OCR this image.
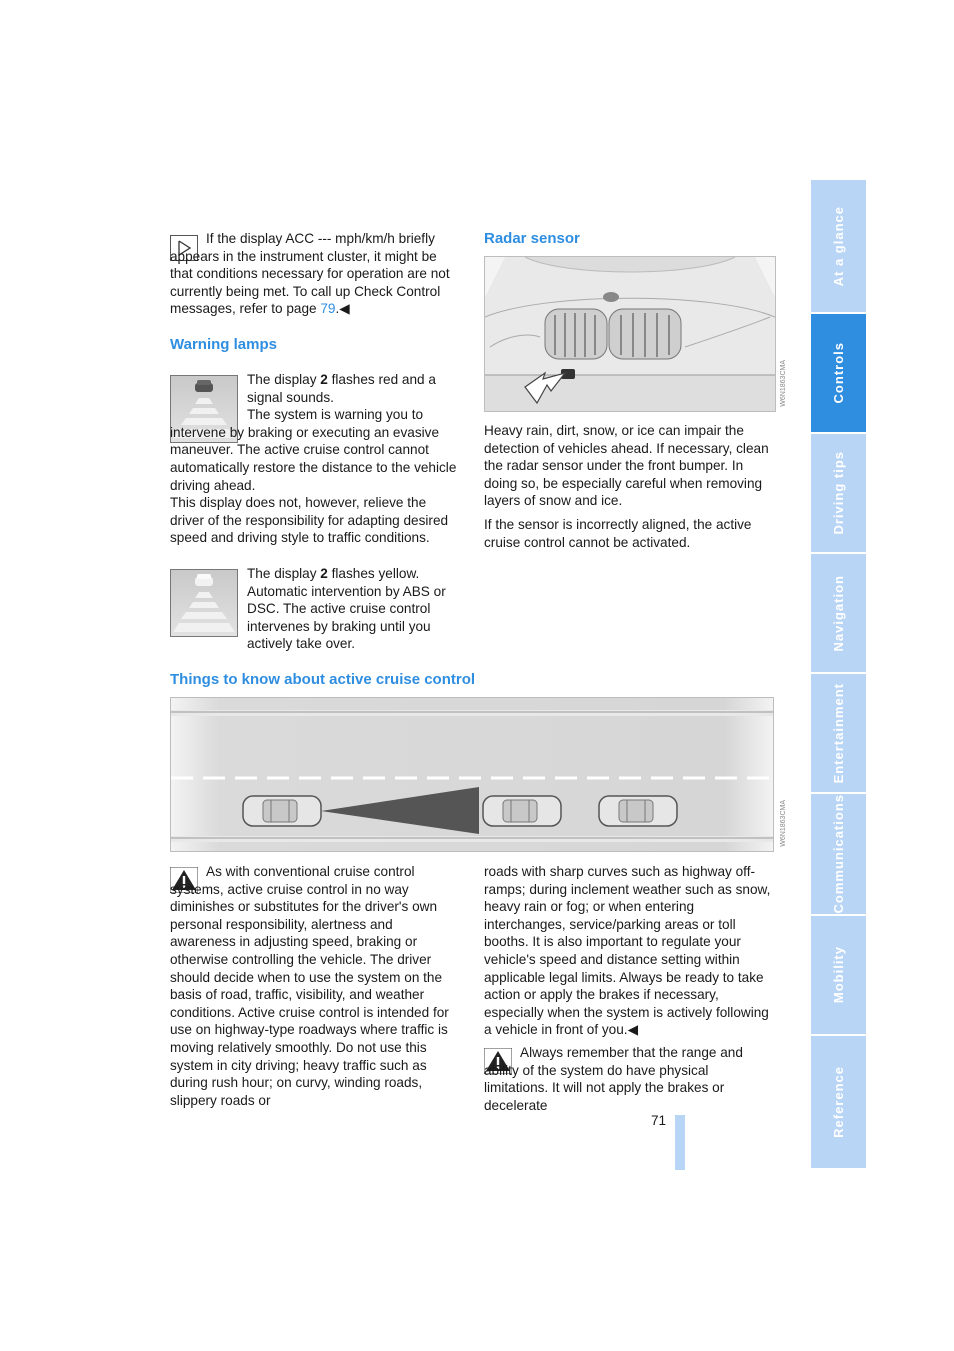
If the display ACC --- mph/km/h briefly appears in the instrument cluster, it might be that conditions necessary for operation are not currently being met. To call up Check Control messages, refer to page 79.◀

Warning lamps

The display 2 flashes red and a signal sounds.

The system is warning you to intervene by braking or executing an evasive maneuver. The active cruise control cannot automatically restore the distance to the vehicle driving ahead.

This display does not, however, relieve the driver of the responsibility for adapting desired speed and driving style to traffic conditions.

The display 2 flashes yellow.

Automatic intervention by ABS or DSC. The active cruise control intervenes by braking until you actively take over.

Radar sensor
W6N1863CMA

Heavy rain, dirt, snow, or ice can impair the detection of vehicles ahead. If necessary, clean the radar sensor under the front bumper. In doing so, be especially careful when removing layers of snow and ice.

If the sensor is incorrectly aligned, the active cruise control cannot be activated.

Things to know about active cruise control
W6N1863CMA

As with conventional cruise control systems, active cruise control in no way diminishes or substitutes for the driver's own personal responsibility, alertness and awareness in adjusting speed, braking or otherwise controlling the vehicle. The driver should decide when to use the system on the basis of road, traffic, visibility, and weather conditions. Active cruise control is intended for use on highway-type roadways where traffic is moving relatively smoothly. Do not use this system in city driving; heavy traffic such as during rush hour; on curvy, winding roads, slippery roads or

roads with sharp curves such as highway off-ramps; during inclement weather such as snow, heavy rain or fog; or when entering interchanges, service/parking areas or toll booths. It is also important to regulate your vehicle's speed and distance setting within applicable legal limits. Always be ready to take action or apply the brakes if necessary, especially when the system is actively following a vehicle in front of you.◀

Always remember that the range and ability of the system do have physical limitations. It will not apply the brakes or decelerate

71
At a glance
Controls
Driving tips
Navigation
Entertainment
Communications
Mobility
Reference
